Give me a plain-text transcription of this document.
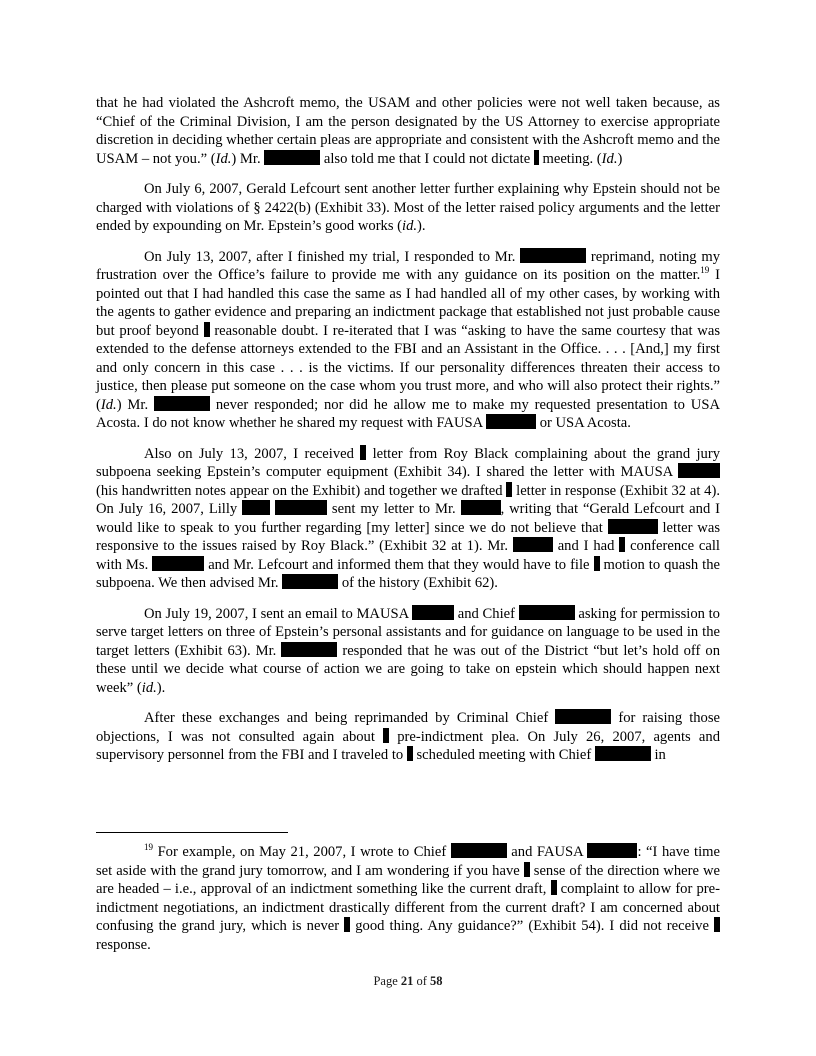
that he had violated the Ashcroft memo, the USAM and other policies were not well taken because, as “Chief of the Criminal Division, I am the person designated by the US Attorney to exercise appropriate discretion in deciding whether certain pleas are appropriate and consistent with the Ashcroft memo and the USAM – not you.” (Id.) Mr.	also told me that I could not dictate  meeting. (Id.)

On July 6, 2007, Gerald Lefcourt sent another letter further explaining why Epstein should not be charged with violations of § 2422(b) (Exhibit 33). Most of the letter raised policy arguments and the letter ended by expounding on Mr. Epstein’s good works (id.).

On July 13, 2007, after I finished my trial, I responded to Mr.	reprimand, noting my frustration over the Office’s failure to provide me with any guidance on its position on the matter.$^{19}$ I pointed out that I had handled this case the same as I had handled all of my other cases, by working with the agents to gather evidence and preparing an indictment package that established not just probable cause but proof beyond  reasonable doubt. I re-iterated that I was “asking to have the same courtesy that was extended to the defense attorneys extended to the FBI and an Assistant in the Office. . . . [And,] my first and only concern in this case . . . is the victims. If our personality differences threaten their access to justice, then please put someone on the case whom you trust more, and who will also protect their rights.” (Id.) Mr.	never responded; nor did he allow me to make my requested presentation to USA Acosta. I do not know whether he shared my request with FAUSA	or USA Acosta.

Also on July 13, 2007, I received  letter from Roy Black complaining about the grand jury subpoena seeking Epstein’s computer equipment (Exhibit 34). I shared the letter with MAUSA  (his handwritten notes appear on the Exhibit) and together we drafted  letter in response (Exhibit 32 at 4). On July 16, 2007, Lilly	sent my letter to Mr.	, writing that “Gerald Lefcourt and I would like to speak to you further regarding [my letter] since we do not believe that	letter was responsive to the issues raised by Roy Black.” (Exhibit 32 at 1). Mr.	and I had  conference call with Ms.	and Mr. Lefcourt and informed them that they would have to file  motion to quash the subpoena. We then advised Mr.	of the history (Exhibit 62).

On July 19, 2007, I sent an email to MAUSA	and Chief	asking for permission to serve target letters on three of Epstein’s personal assistants and for guidance on language to be used in the target letters (Exhibit 63). Mr.	responded that he was out of the District “but let’s hold off on these until we decide what course of action we are going to take on epstein which should happen next week” (id.).

After these exchanges and being reprimanded by Criminal Chief	for raising those objections, I was not consulted again about  pre-indictment plea. On July 26, 2007, agents and supervisory personnel from the FBI and I traveled to  scheduled meeting with Chief	in

$^{19}$ For example, on May 21, 2007, I wrote to Chief	and FAUSA	: “I have time set aside with the grand jury tomorrow, and I am wondering if you have  sense of the direction where we are headed – i.e., approval of an indictment something like the current draft,  complaint to allow for pre-indictment negotiations, an indictment drastically different from the current draft? I am concerned about confusing the grand jury, which is never  good thing. Any guidance?” (Exhibit 54). I did not receive  response.

Page 21 of 58
